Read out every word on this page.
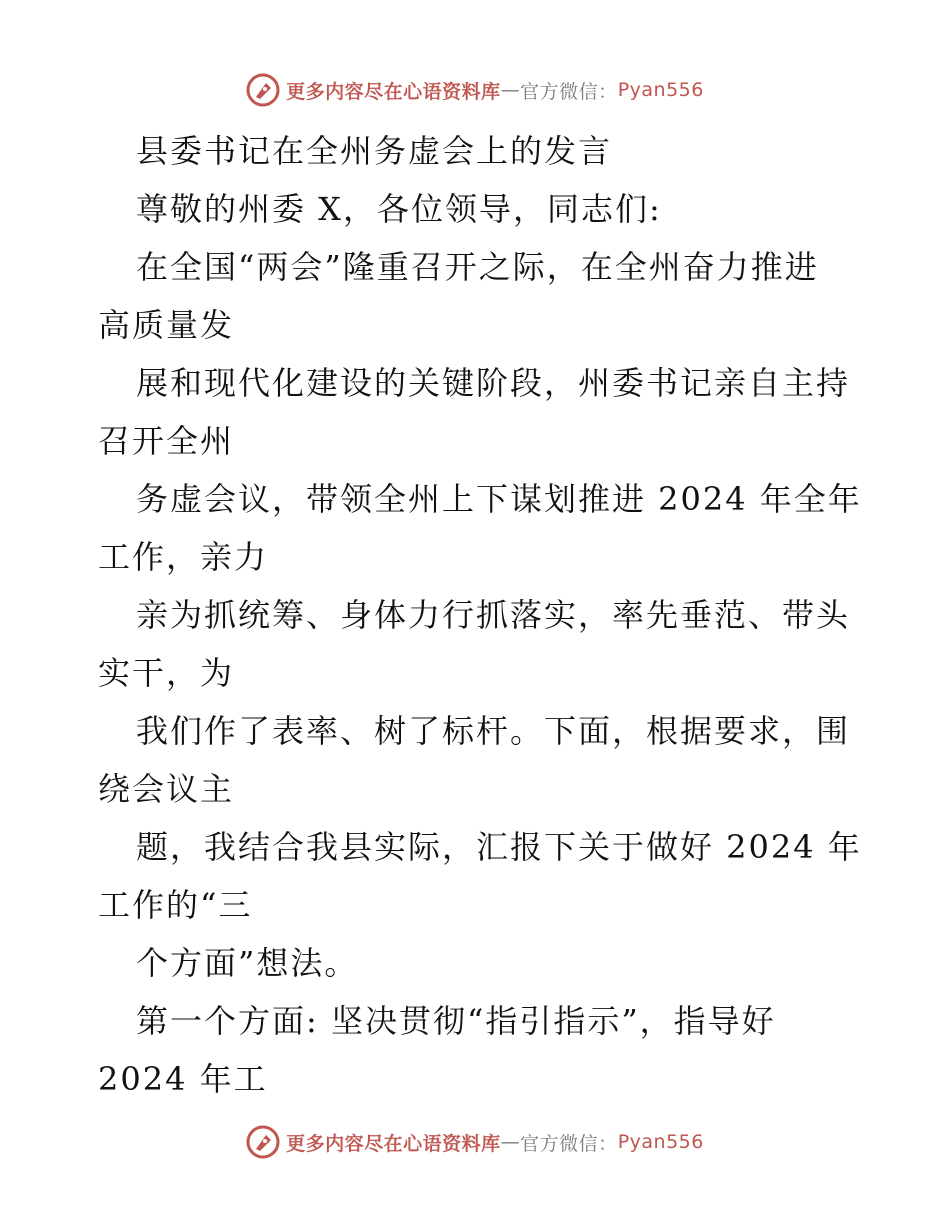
更多内容尽在心语资料库 — 官方微信： Pyan556
县委书记在全州务虚会上的发言
尊敬的州委 X，各位领导，同志们:
在全国“两会”隆重召开之际，在全州奋力推进
高质量发
展和现代化建设的关键阶段，州委书记亲自主持
召开全州
务虚会议，带领全州上下谋划推进 2024 年全年
工作，亲力
亲为抓统筹、身体力行抓落实，率先垂范、带头
实干，为
我们作了表率、树了标杆。下面，根据要求，围
绕会议主
题，我结合我县实际，汇报下关于做好 2024 年
工作的“三
个方面”想法。
第一个方面: 坚决贯彻“指引指示”，指导好
2024 年工
更多内容尽在心语资料库 — 官方微信： Pyan556
